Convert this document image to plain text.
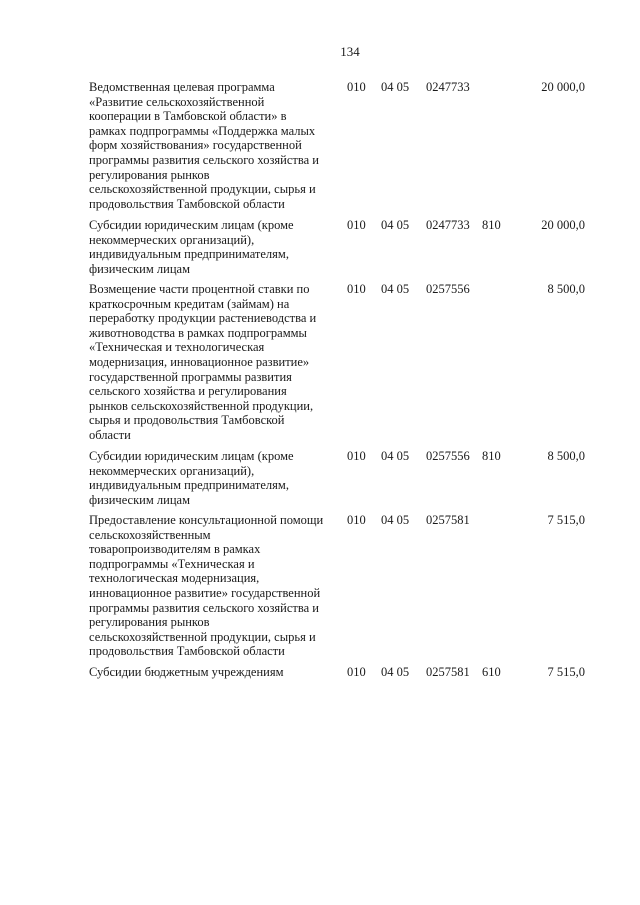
134
Ведомственная целевая программа
«Развитие сельскохозяйственной
кооперации в Тамбовской области» в
рамках подпрограммы «Поддержка малых
форм хозяйствования» государственной
программы развития сельского хозяйства и
регулирования рынков
сельскохозяйственной продукции, сырья и
продовольствия Тамбовской области
010 04 05 0247733	20 000,0
Субсидии юридическим лицам (кроме
некоммерческих организаций),
индивидуальным предпринимателям,
физическим лицам
010 04 05 0247733 810	20 000,0
Возмещение части процентной ставки по
краткосрочным кредитам (займам) на
переработку продукции растениеводства и
животноводства в рамках подпрограммы
«Техническая и технологическая
модернизация, инновационное развитие»
государственной программы развития
сельского хозяйства и регулирования
рынков сельскохозяйственной продукции,
сырья и продовольствия Тамбовской
области
010 04 05 0257556	8 500,0
Субсидии юридическим лицам (кроме
некоммерческих организаций),
индивидуальным предпринимателям,
физическим лицам
010 04 05 0257556 810	8 500,0
Предоставление консультационной помощи
сельскохозяйственным
товаропроизводителям в рамках
подпрограммы «Техническая и
технологическая модернизация,
инновационное развитие» государственной
программы развития сельского хозяйства и
регулирования рынков
сельскохозяйственной продукции, сырья и
продовольствия Тамбовской области
010 04 05 0257581	7 515,0
Субсидии бюджетным учреждениям	010 04 05 0257581 610	7 515,0
